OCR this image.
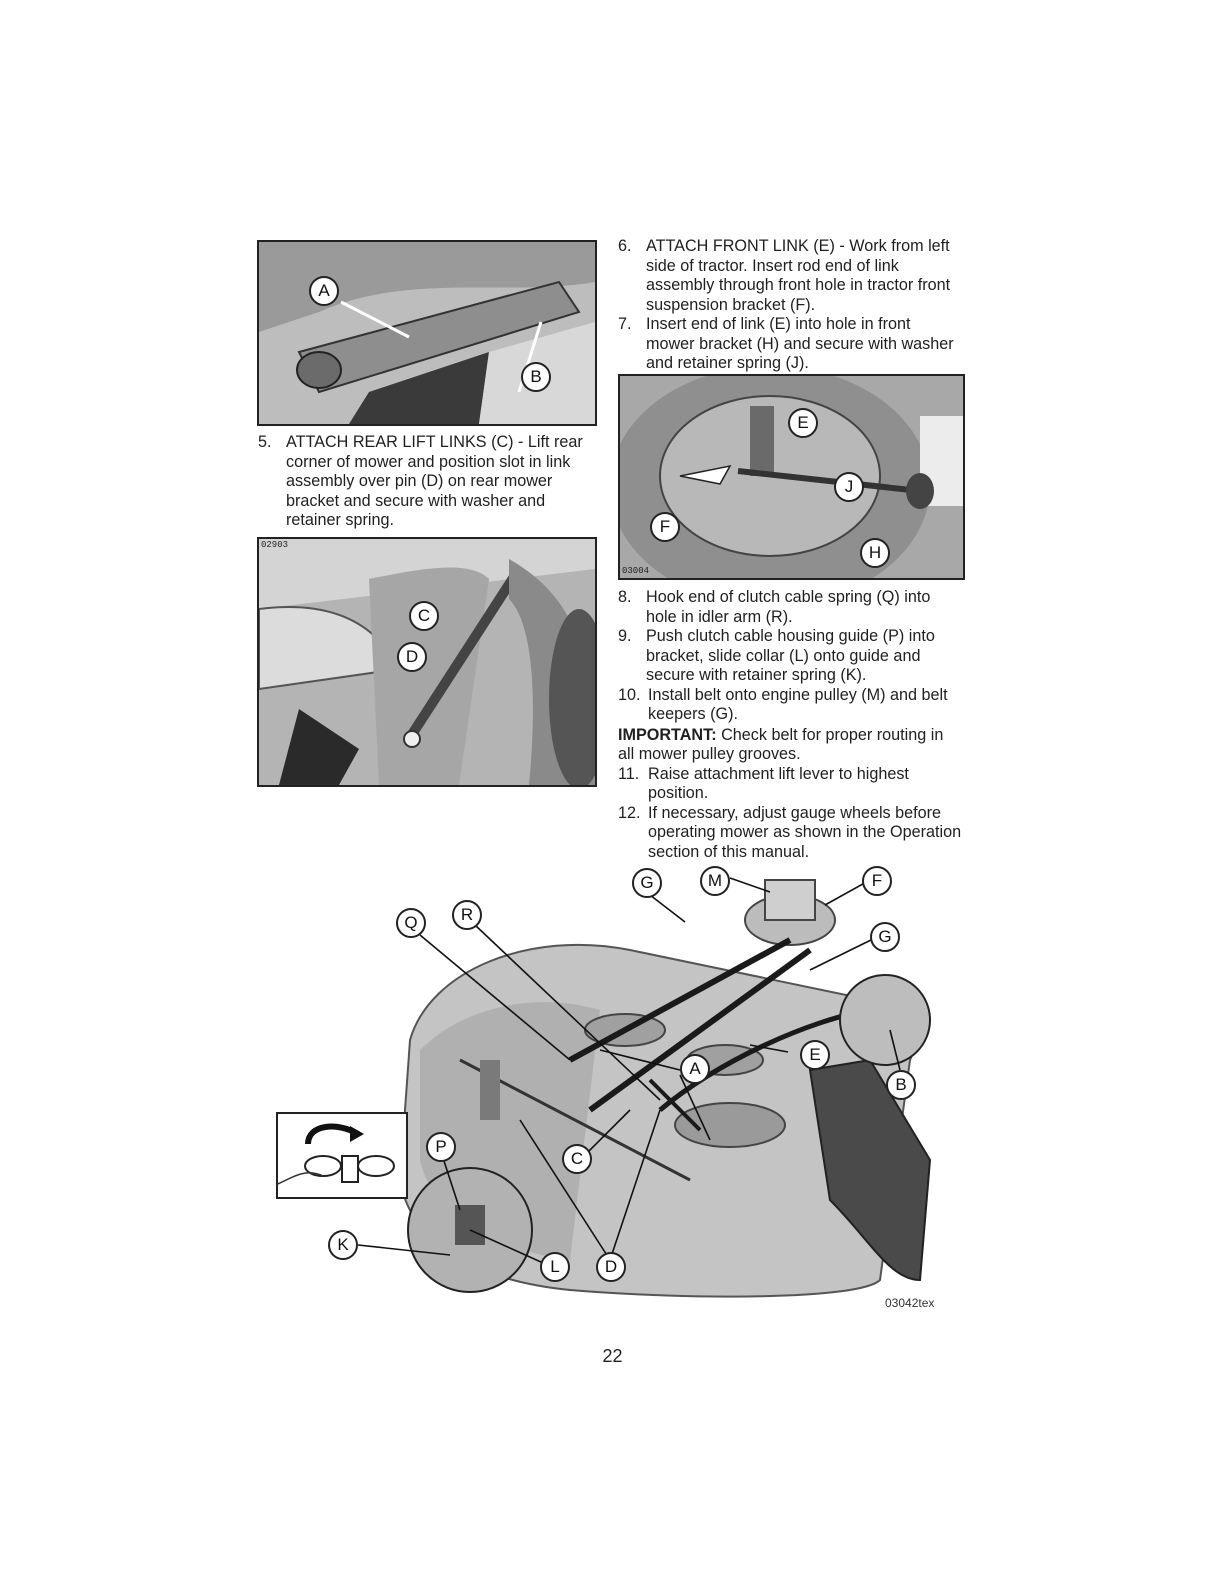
A
B
5. ATTACH REAR LIFT LINKS (C) - Lift rear corner of mower and position slot in link assembly over pin (D) on rear mower bracket and secure with washer and retainer spring.
02903
C
D
6. ATTACH FRONT LINK (E) - Work from left side of tractor. Insert rod end of link assembly through front hole in tractor front suspension bracket (F).
7. Insert end of link (E) into hole in front mower bracket (H) and secure with washer and retainer spring (J).
03004
E
F
J
H
8. Hook end of clutch cable spring (Q) into hole in idler arm (R).
9. Push clutch cable housing guide (P) into bracket, slide collar (L) onto guide and secure with retainer spring (K).
10. Install belt onto engine pulley (M) and belt keepers (G).

IMPORTANT: Check belt for proper routing in all mower pulley grooves.

11. Raise attachment lift lever to highest position.
12. If necessary, adjust gauge wheels before operating mower as shown in the Operation section of this manual.
G	M	F
Q	R
G
A
E
B
P
C
K
L	D
03042tex
22
